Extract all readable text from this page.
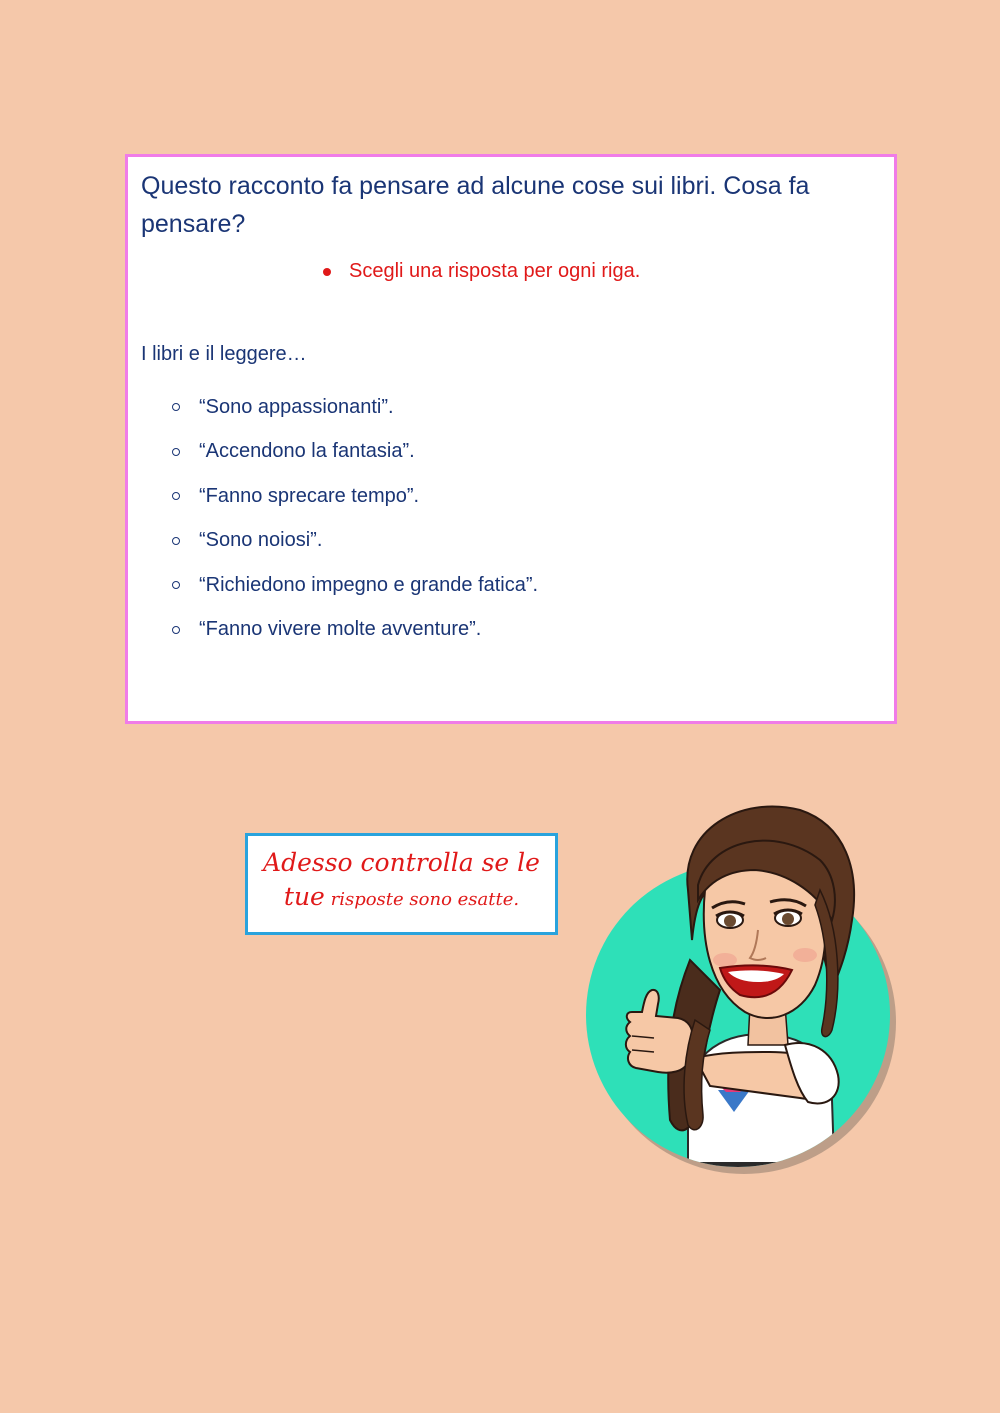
Questo racconto fa pensare ad alcune cose sui libri. Cosa fa pensare?
Scegli una risposta per ogni riga.
I libri e il leggere…
“Sono appassionanti”.
“Accendono la fantasia”.
“Fanno sprecare tempo”.
“Sono noiosi”.
“Richiedono impegno e grande fatica”.
“Fanno vivere molte avventure”.
Adesso controlla se le
tue risposte sono esatte.
